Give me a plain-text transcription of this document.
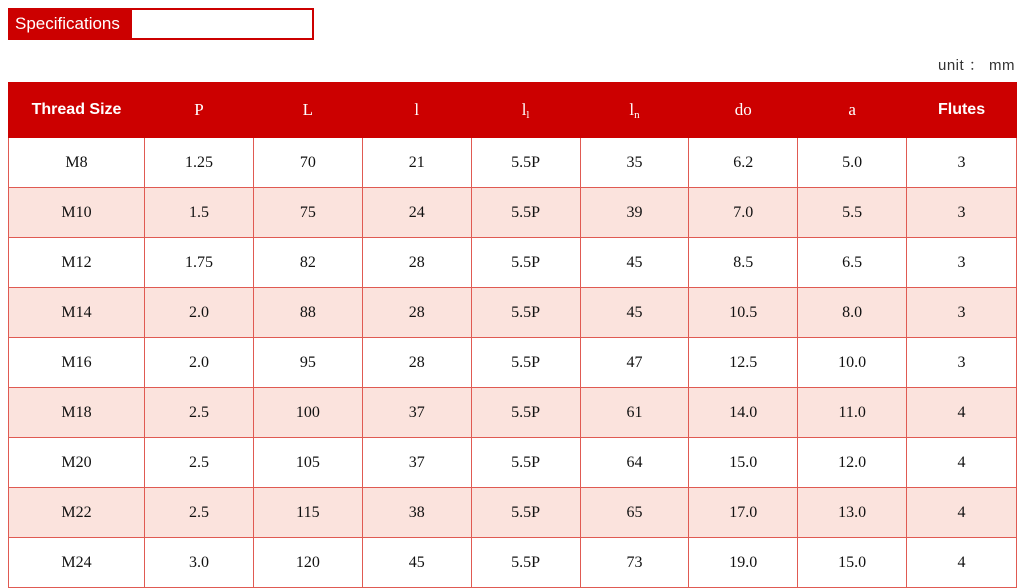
Specifications
unit ： mm
Thread Size	P	L	l	$l_l$	$l_n$	do	a	Flutes
M8	1.25	70	21	5.5P	35	6.2	5.0	3
M10	1.5	75	24	5.5P	39	7.0	5.5	3
M12	1.75	82	28	5.5P	45	8.5	6.5	3
M14	2.0	88	28	5.5P	45	10.5	8.0	3
M16	2.0	95	28	5.5P	47	12.5	10.0	3
M18	2.5	100	37	5.5P	61	14.0	11.0	4
M20	2.5	105	37	5.5P	64	15.0	12.0	4
M22	2.5	115	38	5.5P	65	17.0	13.0	4
M24	3.0	120	45	5.5P	73	19.0	15.0	4
